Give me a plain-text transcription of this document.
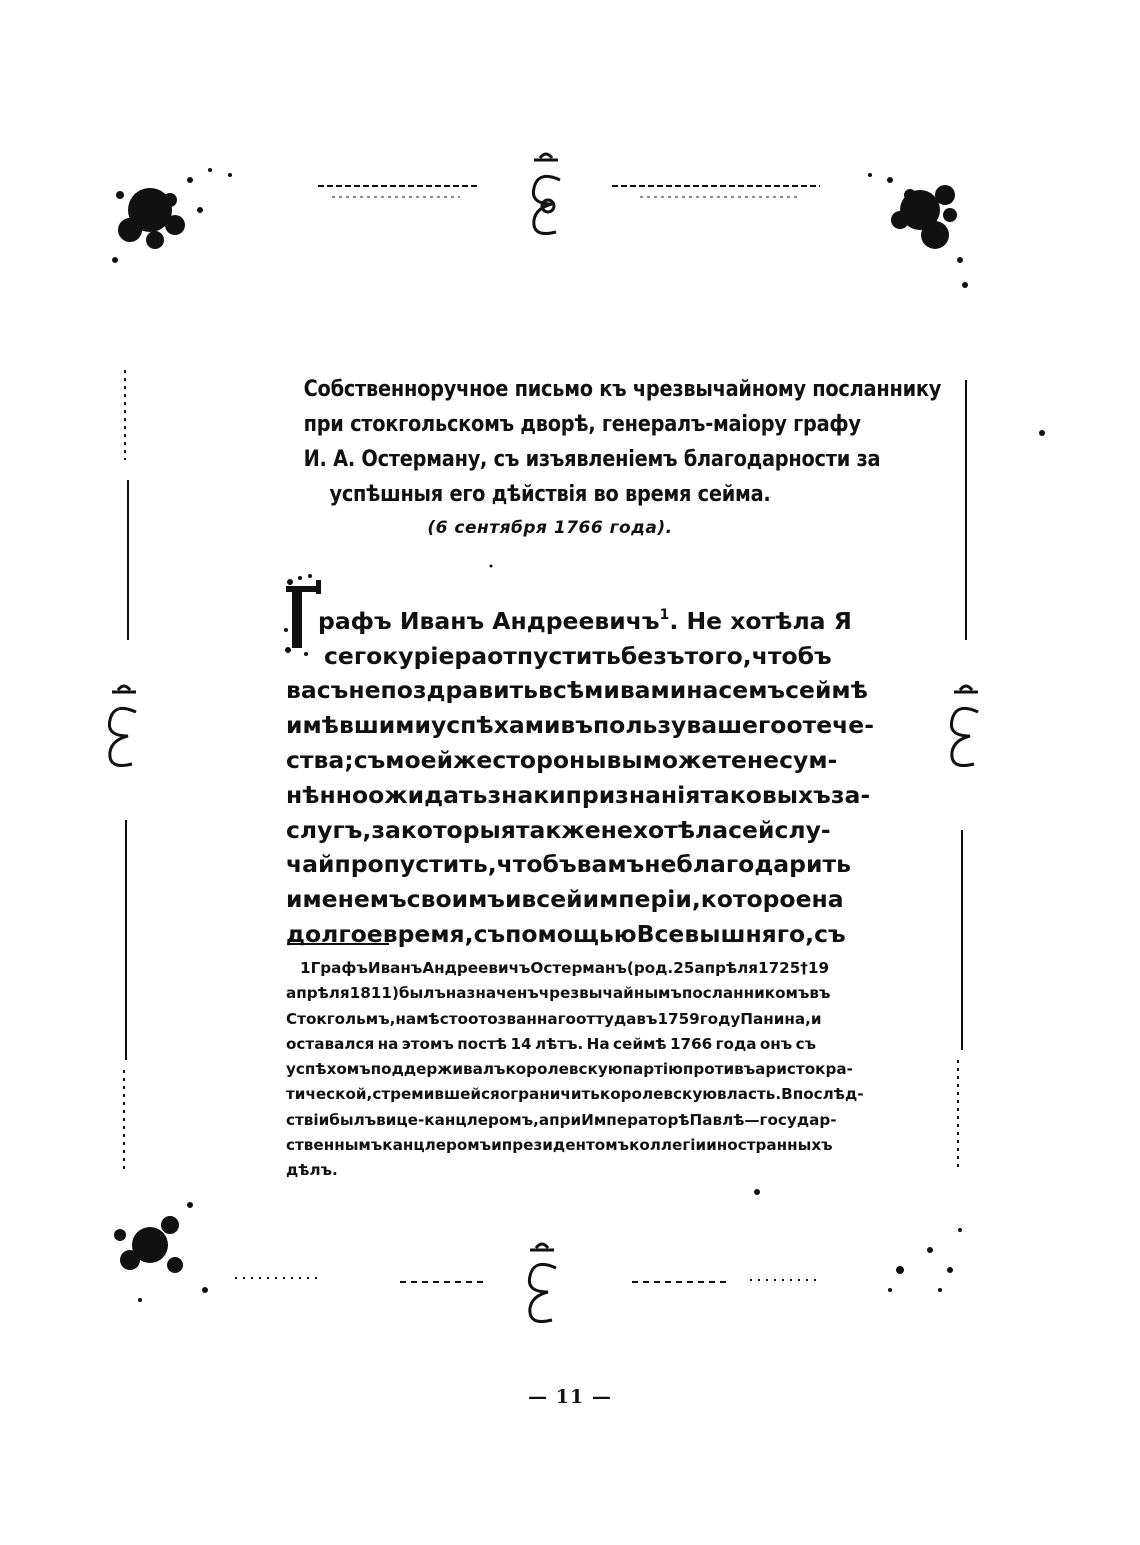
Собственноручное письмо къ чрезвычайному посланнику
при стокгольскомъ дворѣ, генералъ-маіору графу
И. А. Остерману, съ изъявленіемъ благодарности за
успѣшныя его дѣйствія во время сейма.
(6 сентября 1766 года).
рафъ Иванъ Андреевичъ$^1$. Не хотѣла Я
сего куріера отпустить безъ того, чтобъ
васъ не поздравить всѣми вами на семъ сеймѣ
имѣвшими успѣхами въ пользу вашего отече-
ства; съ моей же стороны вы можете несум-
нѣнно ожидать знаки признанія таковыхъ за-
слугъ, за которыя также не хотѣла сей слу-
чай пропустить, чтобъ вамъ не благодарить
именемъ своимъ и всей имперіи, которое на
долгое время, съ помощью Всевышняго, съ
1 Графъ Иванъ Андреевичъ Остерманъ (род. 25 апрѣля 1725 † 19
апрѣля 1811) былъ назначенъ чрезвычайнымъ посланникомъ въ
Стокгольмъ, на мѣсто отозваннаго оттуда въ 1759 году Панина, и
оставался на этомъ постѣ 14 лѣтъ. На сеймѣ 1766 года онъ съ
успѣхомъ поддерживалъ королевскую партію противъ аристокра-
тической, стремившейся ограничить королевскую власть. Впослѣд-
ствіи былъ вице-канцлеромъ, а при Императорѣ Павлѣ—государ-
ственнымъ канцлеромъ и президентомъ коллегіи иностранныхъ
дѣлъ.
— 11 —
